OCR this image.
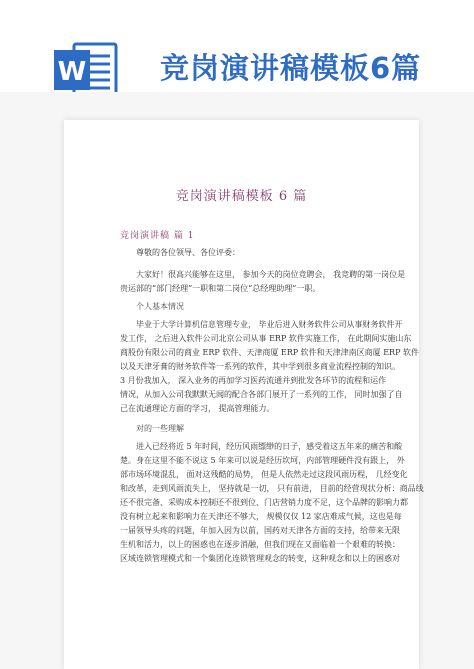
W	竞岗演讲稿模板6篇
竞岗演讲稿模板 6 篇
竞岗演讲稿 篇 1
尊敬的各位领导、各位评委：
大家好！很高兴能够在这里， 参加今天的岗位竞聘会， 我竞聘的第一岗位是
贵运部的“部门经理”一职和第二岗位“总经理助理”一职。
个人基本情况
毕业于大学计算机信息管理专业， 毕业后进入财务软件公司从事财务软件开
发工作， 之后进入软件公司北京公司从事 ERP 软件实施工作， 在此期间实施山东
商股份有限公司的商业 ERP 软件、天津商厦 ERP 软件和天津津南区商厦 ERP 软件
以及天津牙膏的财务软件等一系列的软件，其中学到很多商业流程控制的知识。
3 月份我加入， 深入业务的再加学习医药流通并到批发各环节的流程和运作
情况，从加入公司我默默无闻的配合各部门展开了一系列的工作， 同时加强了自
己在流通理论方面的学习， 提高管理能力。
对的一些理解
进入已经将近 5 年时间，经历风雨缥缈的日子，感受着这五年来的痛苦和酸
楚。身在这里不能不说这 5 年来可以说是经历坎坷，内部管理硬件没有跟上， 外
部市场环境混乱， 面对这残酷的局势， 但是人依然走过这段风雨历程， 几经变化
和改革，走到风雨流失上， 坚持就是一切， 只有前进， 目前的经营现状分析：商品线
还不很完备、采购成本控制还不很到位、门店营销力度不足，这个品牌的影响力都
没有树立起来和影响力在天津还不够大， 规模仅仅 12 家店难成气候，这也是每
一届领导头疼的问题，年加入因为以前，国药对天津各方面的支持，给带来无限
生机和活力，以上的困惑也在逐步消融，但我们现在又面临着一个艰难的转换：
区域连锁管理模式和一个集团化连锁管理观念的转变，这种观念和以上的困惑对
